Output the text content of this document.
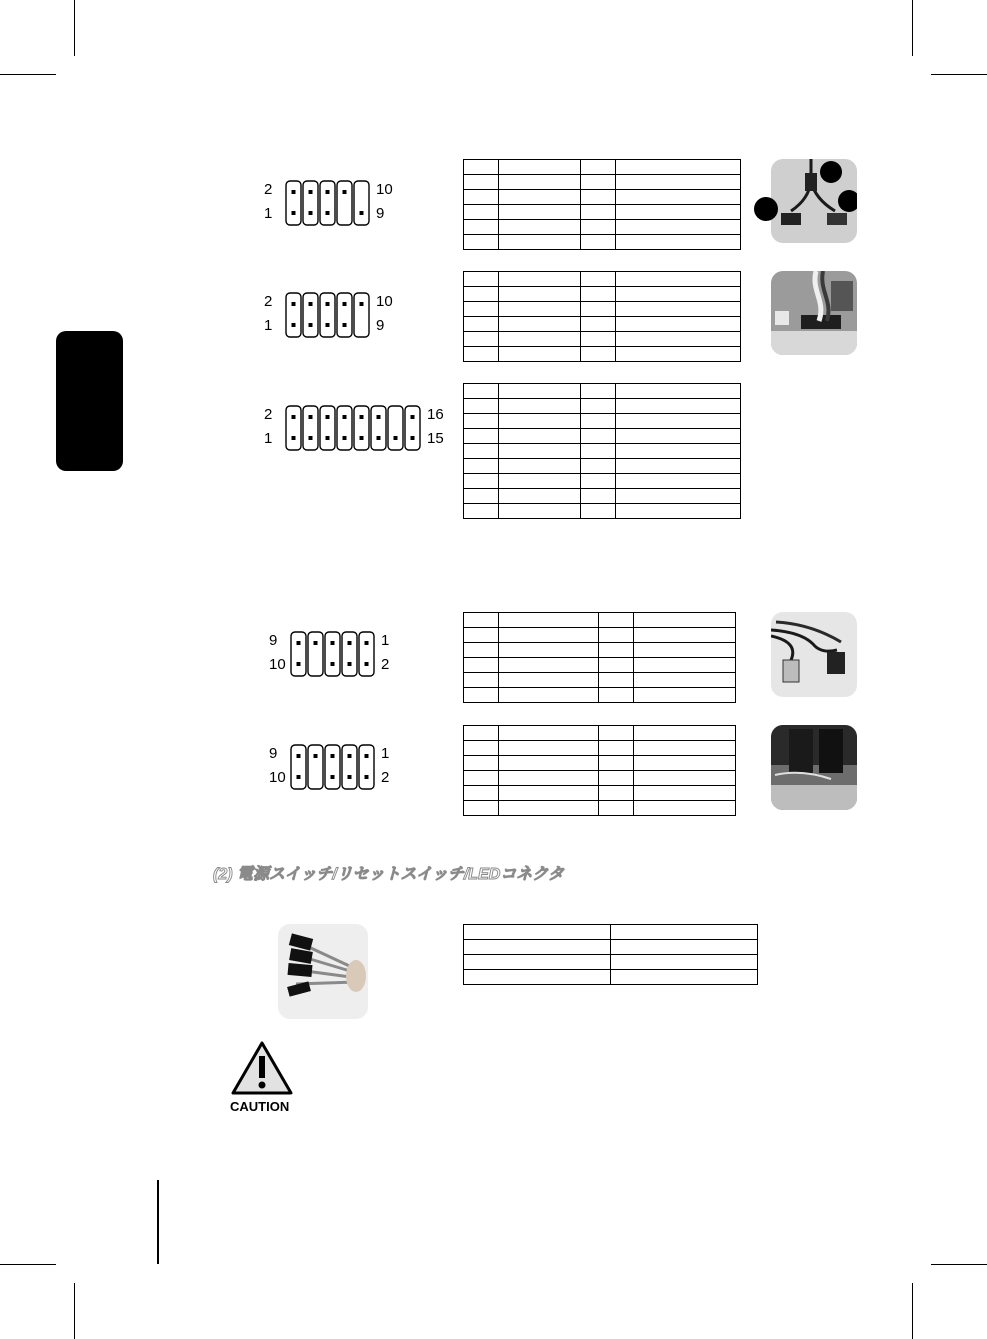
2
1
10
9
2
1
10
9
2
1
16
15
9
10
1
2
9
10
1
2

(2) 電源スイッチ/リセットスイッチ/LEDコネクタ
CAUTION
